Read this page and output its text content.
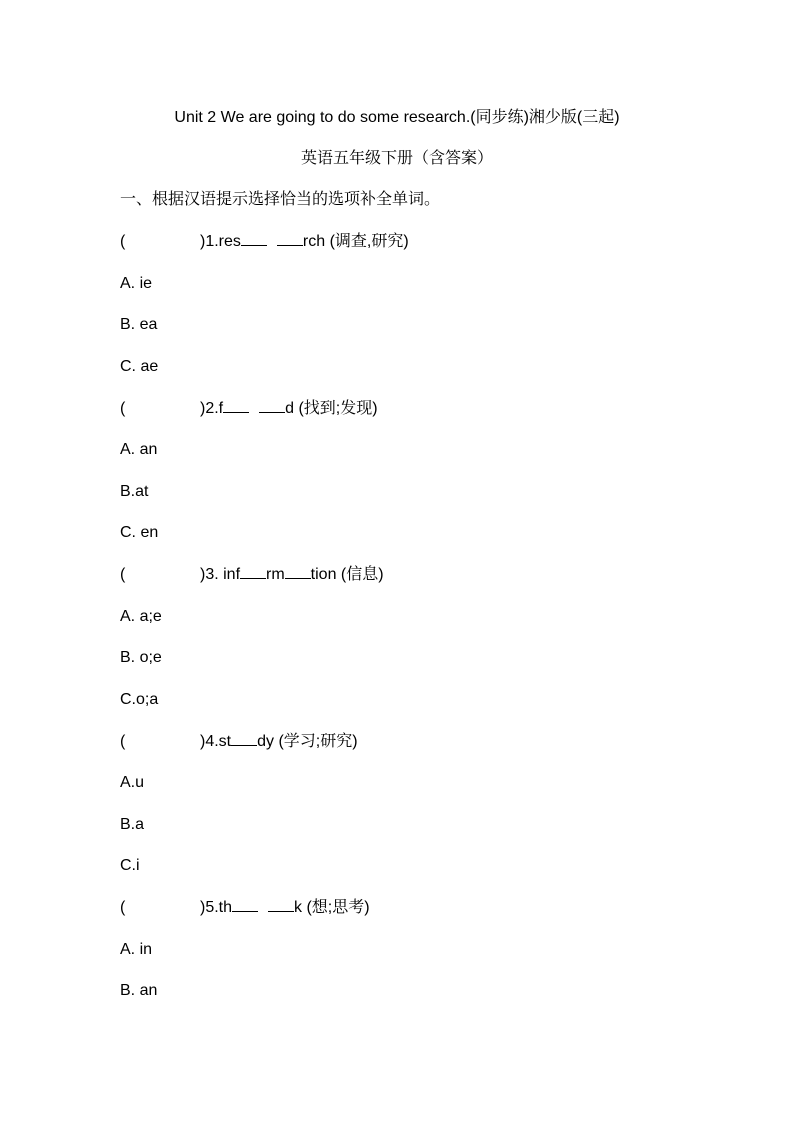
Unit 2 We are going to do some research.(同步练)湘少版(三起)
英语五年级下册（含答案）
一、根据汉语提示选择恰当的选项补全单词。
(	)1.res	rch (调查,研究)
A. ie
B. ea
C. ae
(	)2.f	d (找到;发现)
A. an
B.at
C. en
(	)3. inf rm tion (信息)
A. a;e
B. o;e
C.o;a
(	)4.st dy (学习;研究)
A.u
B.a
C.i
(	)5.th	k (想;思考)
A. in
B. an
